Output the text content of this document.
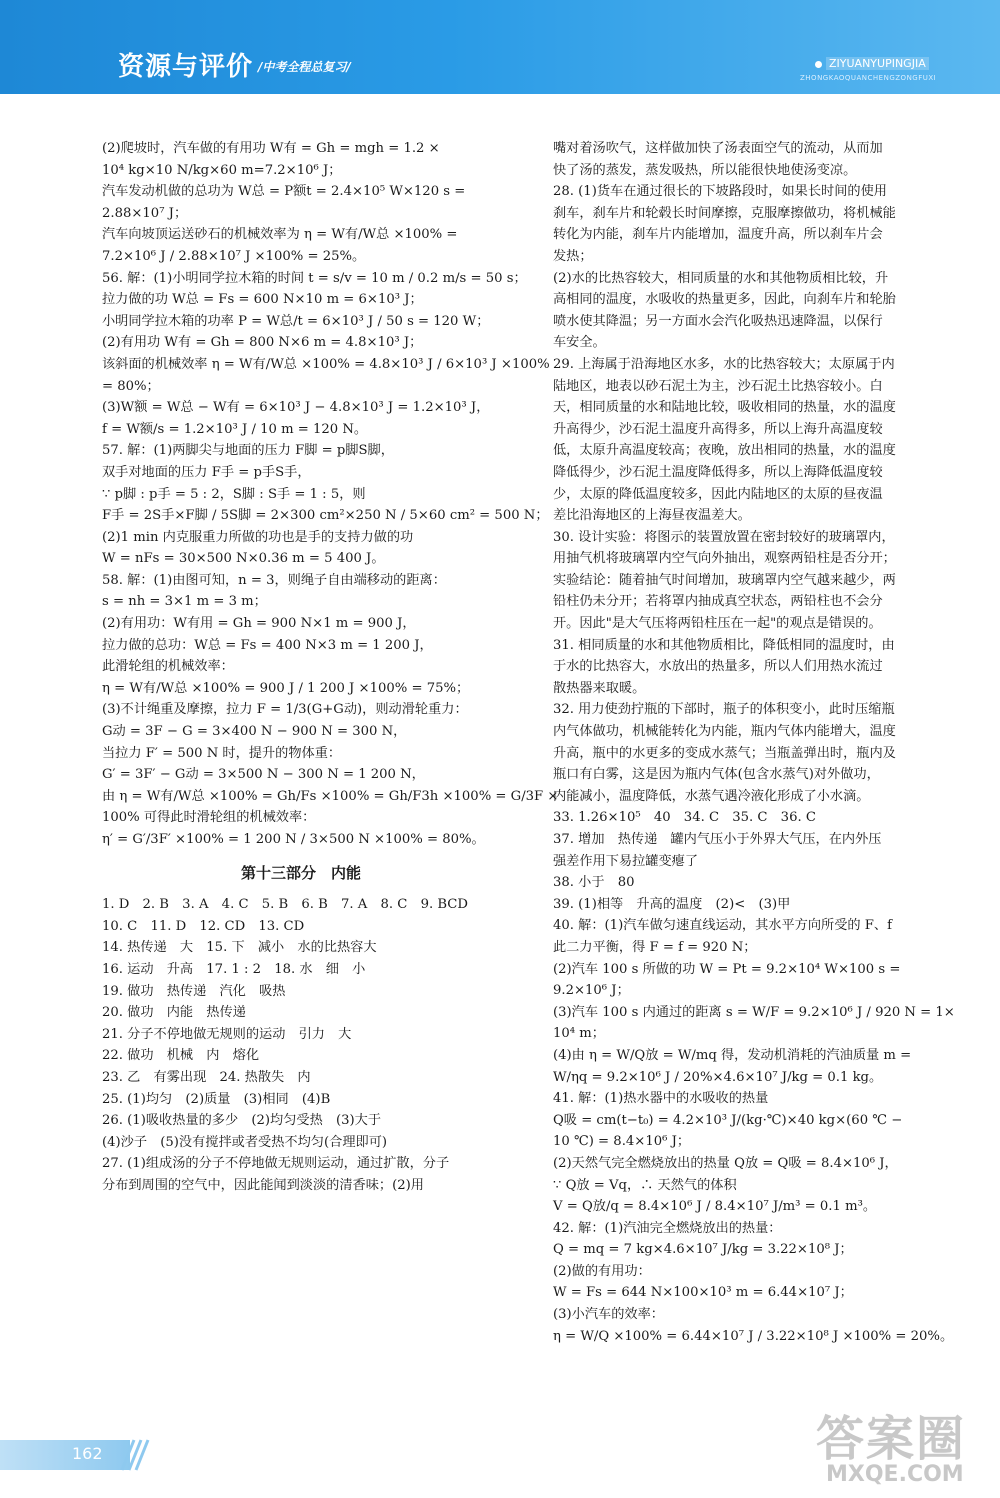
资源与评价 /中考全程总复习/	ZIYUANYUPINGJIA
ZHONGKAOQUANCHENGZONGFUXI
(2)爬坡时，汽车做的有用功 W有 = Gh = mgh = 1.2 ×
10⁴ kg×10 N/kg×60 m=7.2×10⁶ J；
汽车发动机做的总功为 W总 = P额t = 2.4×10⁵ W×120 s =
2.88×10⁷ J；
汽车向坡顶运送砂石的机械效率为 η = W有/W总 ×100% =
7.2×10⁶ J / 2.88×10⁷ J ×100% = 25%。
56. 解：(1)小明同学拉木箱的时间 t = s/v = 10 m / 0.2 m/s = 50 s；
拉力做的功 W总 = Fs = 600 N×10 m = 6×10³ J；
小明同学拉木箱的功率 P = W总/t = 6×10³ J / 50 s = 120 W；
(2)有用功 W有 = Gh = 800 N×6 m = 4.8×10³ J；
该斜面的机械效率 η = W有/W总 ×100% = 4.8×10³ J / 6×10³ J ×100%
= 80%；
(3)W额 = W总 − W有 = 6×10³ J − 4.8×10³ J = 1.2×10³ J，
f = W额/s = 1.2×10³ J / 10 m = 120 N。
57. 解：(1)两脚尖与地面的压力 F脚 = p脚S脚，
双手对地面的压力 F手 = p手S手，
∵ p脚 : p手 = 5 : 2，S脚 : S手 = 1 : 5，则
F手 = 2S手×F脚 / 5S脚 = 2×300 cm²×250 N / 5×60 cm² = 500 N；
(2)1 min 内克服重力所做的功也是手的支持力做的功
W = nFs = 30×500 N×0.36 m = 5 400 J。
58. 解：(1)由图可知，n = 3，则绳子自由端移动的距离：
s = nh = 3×1 m = 3 m；
(2)有用功：W有用 = Gh = 900 N×1 m = 900 J，
拉力做的总功：W总 = Fs = 400 N×3 m = 1 200 J，
此滑轮组的机械效率：
η = W有/W总 ×100% = 900 J / 1 200 J ×100% = 75%；
(3)不计绳重及摩擦，拉力 F = 1/3(G+G动)，则动滑轮重力：
G动 = 3F − G = 3×400 N − 900 N = 300 N，
当拉力 F′ = 500 N 时，提升的物体重：
G′ = 3F′ − G动 = 3×500 N − 300 N = 1 200 N，
由 η = W有/W总 ×100% = Gh/Fs ×100% = Gh/F3h ×100% = G/3F ×
100% 可得此时滑轮组的机械效率：
η′ = G′/3F′ ×100% = 1 200 N / 3×500 N ×100% = 80%。
第十三部分　内能
1. D　2. B　3. A　4. C　5. B　6. B　7. A　8. C　9. BCD
10. C　11. D　12. CD　13. CD
14. 热传递　大　15. 下　减小　水的比热容大
16. 运动　升高　17. 1 : 2　18. 水　细　小
19. 做功　热传递　汽化　吸热
20. 做功　内能　热传递
21. 分子不停地做无规则的运动　引力　大
22. 做功　机械　内　熔化
23. 乙　有雾出现　24. 热散失　内
25. (1)均匀　(2)质量　(3)相同　(4)B
26. (1)吸收热量的多少　(2)均匀受热　(3)大于
(4)沙子　(5)没有搅拌或者受热不均匀(合理即可)
27. (1)组成汤的分子不停地做无规则运动，通过扩散，分子
分布到周围的空气中，因此能闻到淡淡的清香味；(2)用
嘴对着汤吹气，这样做加快了汤表面空气的流动，从而加
快了汤的蒸发，蒸发吸热，所以能很快地使汤变凉。
28. (1)货车在通过很长的下坡路段时，如果长时间的使用
刹车，刹车片和轮毂长时间摩擦，克服摩擦做功，将机械能
转化为内能，刹车片内能增加，温度升高，所以刹车片会
发热；
(2)水的比热容较大，相同质量的水和其他物质相比较，升
高相同的温度，水吸收的热量更多，因此，向刹车片和轮胎
喷水使其降温；另一方面水会汽化吸热迅速降温，以保行
车安全。
29. 上海属于沿海地区水多，水的比热容较大；太原属于内
陆地区，地表以砂石泥土为主，沙石泥土比热容较小。白
天，相同质量的水和陆地比较，吸收相同的热量，水的温度
升高得少，沙石泥土温度升高得多，所以上海升高温度较
低，太原升高温度较高；夜晚，放出相同的热量，水的温度
降低得少，沙石泥土温度降低得多，所以上海降低温度较
少，太原的降低温度较多，因此内陆地区的太原的昼夜温
差比沿海地区的上海昼夜温差大。
30. 设计实验：将图示的装置放置在密封较好的玻璃罩内，
用抽气机将玻璃罩内空气向外抽出，观察两铅柱是否分开；
实验结论：随着抽气时间增加，玻璃罩内空气越来越少，两
铅柱仍未分开；若将罩内抽成真空状态，两铅柱也不会分
开。因此"是大气压将两铅柱压在一起"的观点是错误的。
31. 相同质量的水和其他物质相比，降低相同的温度时，由
于水的比热容大，水放出的热量多，所以人们用热水流过
散热器来取暖。
32. 用力使劲拧瓶的下部时，瓶子的体积变小，此时压缩瓶
内气体做功，机械能转化为内能，瓶内气体内能增大，温度
升高，瓶中的水更多的变成水蒸气；当瓶盖弹出时，瓶内及
瓶口有白雾，这是因为瓶内气体(包含水蒸气)对外做功，
内能减小，温度降低，水蒸气遇冷液化形成了小水滴。
33. 1.26×10⁵　40　34. C　35. C　36. C
37. 增加　热传递　罐内气压小于外界大气压，在内外压
强差作用下易拉罐变瘪了
38. 小于　80
39. (1)相等　升高的温度　(2)<　(3)甲
40. 解：(1)汽车做匀速直线运动，其水平方向所受的 F、f
此二力平衡，得 F = f = 920 N；
(2)汽车 100 s 所做的功 W = Pt = 9.2×10⁴ W×100 s =
9.2×10⁶ J；
(3)汽车 100 s 内通过的距离 s = W/F = 9.2×10⁶ J / 920 N = 1×
10⁴ m；
(4)由 η = W/Q放 = W/mq 得，发动机消耗的汽油质量 m =
W/ηq = 9.2×10⁶ J / 20%×4.6×10⁷ J/kg = 0.1 kg。
41. 解：(1)热水器中的水吸收的热量
Q吸 = cm(t−t₀) = 4.2×10³ J/(kg·℃)×40 kg×(60 ℃ −
10 ℃) = 8.4×10⁶ J；
(2)天然气完全燃烧放出的热量 Q放 = Q吸 = 8.4×10⁶ J，
∵ Q放 = Vq，∴ 天然气的体积
V = Q放/q = 8.4×10⁶ J / 8.4×10⁷ J/m³ = 0.1 m³。
42. 解：(1)汽油完全燃烧放出的热量：
Q = mq = 7 kg×4.6×10⁷ J/kg = 3.22×10⁸ J；
(2)做的有用功：
W = Fs = 644 N×100×10³ m = 6.44×10⁷ J；
(3)小汽车的效率：
η = W/Q ×100% = 6.44×10⁷ J / 3.22×10⁸ J ×100% = 20%。
162	答案圈
MXQE.COM
